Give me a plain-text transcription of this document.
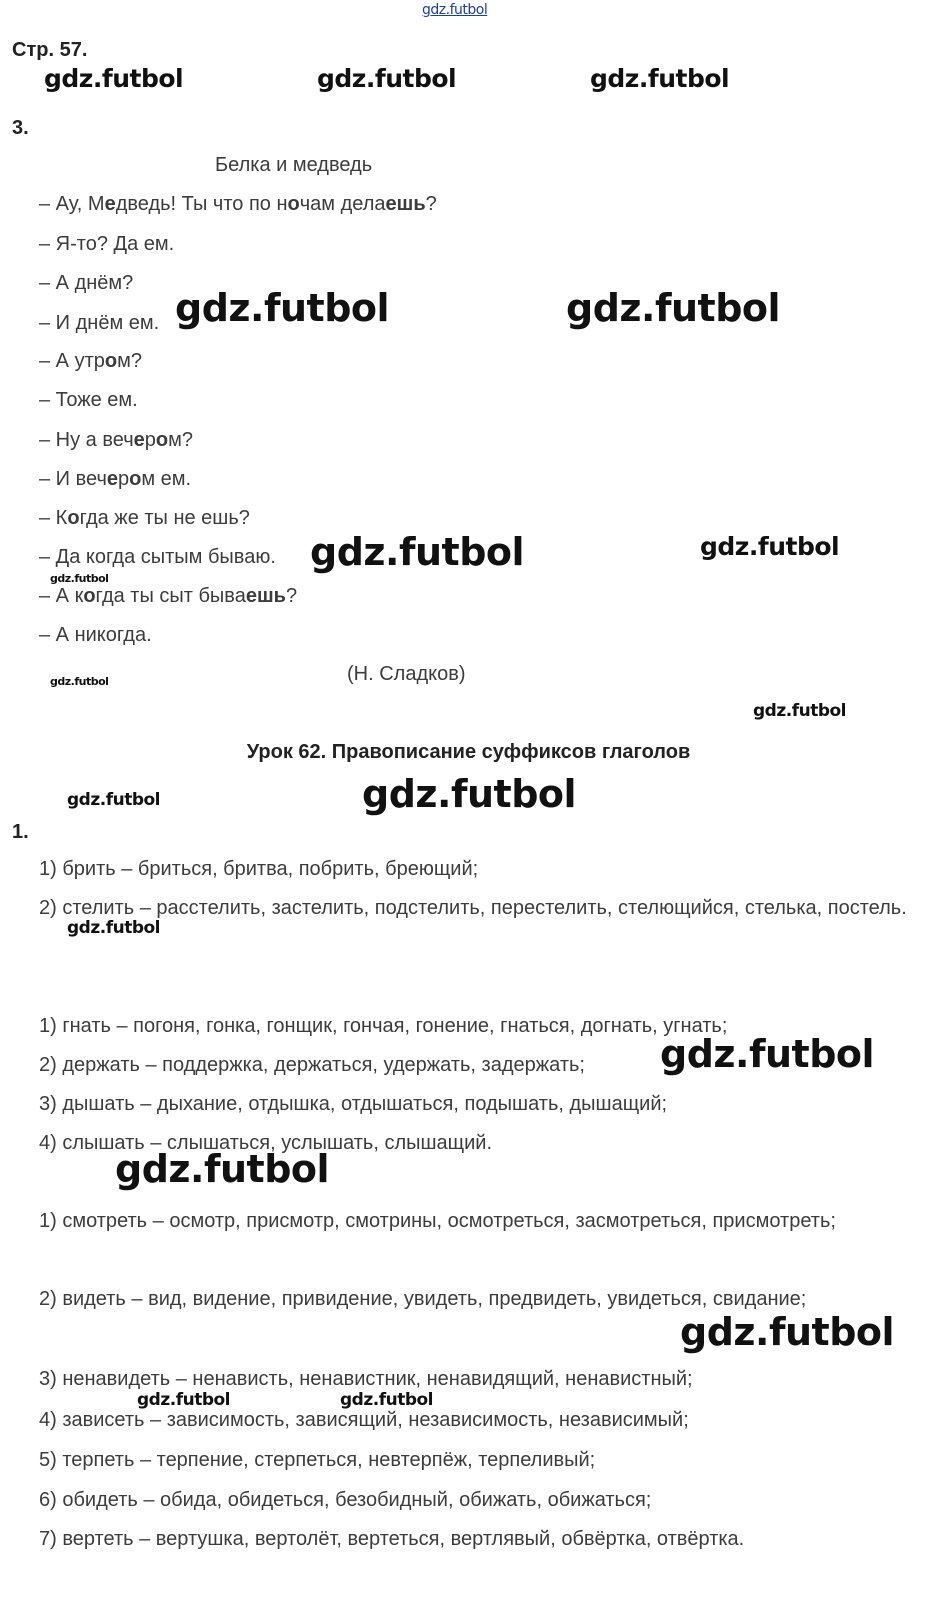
gdz.futbol
Стр. 57.
gdz.futbol	gdz.futbol	gdz.futbol
3.
Белка и медведь
– Ау, Медведь! Ты что по ночам делаешь?
– Я-то? Да ем.
– А днём?
– И днём ем.
– А утром?
– Тоже ем.
– Ну а вечером?
– И вечером ем.
– Когда же ты не ешь?
– Да когда сытым бываю.
– А когда ты сыт бываешь?
– А никогда.
(Н. Сладков)
gdz.futbol	gdz.futbol
gdz.futbol	gdz.futbol
gdz.futbol
gdz.futbol
gdz.futbol
Урок 62. Правописание суффиксов глаголов
gdz.futbol	gdz.futbol
1.
1) брить – бриться, бритва, побрить, бреющий;
2) стелить – расстелить, застелить, подстелить, перестелить, стелющийся, стелька, постель.
gdz.futbol
1) гнать – погоня, гонка, гонщик, гончая, гонение, гнаться, догнать, угнать;
2) держать – поддержка, держаться, удержать, задержать;
3) дышать – дыхание, отдышка, отдышаться, подышать, дышащий;
4) слышать – слышаться, услышать, слышащий.
gdz.futbol
gdz.futbol
1) смотреть – осмотр, присмотр, смотрины, осмотреться, засмотреться, присмотреть;
2) видеть – вид, видение, привидение, увидеть, предвидеть, увидеться, свидание;
3) ненавидеть – ненависть, ненавистник, ненавидящий, ненавистный;
4) зависеть – зависимость, зависящий, независимость, независимый;
5) терпеть – терпение, стерпеться, невтерпёж, терпеливый;
6) обидеть – обида, обидеться, безобидный, обижать, обижаться;
7) вертеть – вертушка, вертолёт, вертеться, вертлявый, обвёртка, отвёртка.
gdz.futbol
gdz.futbol	gdz.futbol
